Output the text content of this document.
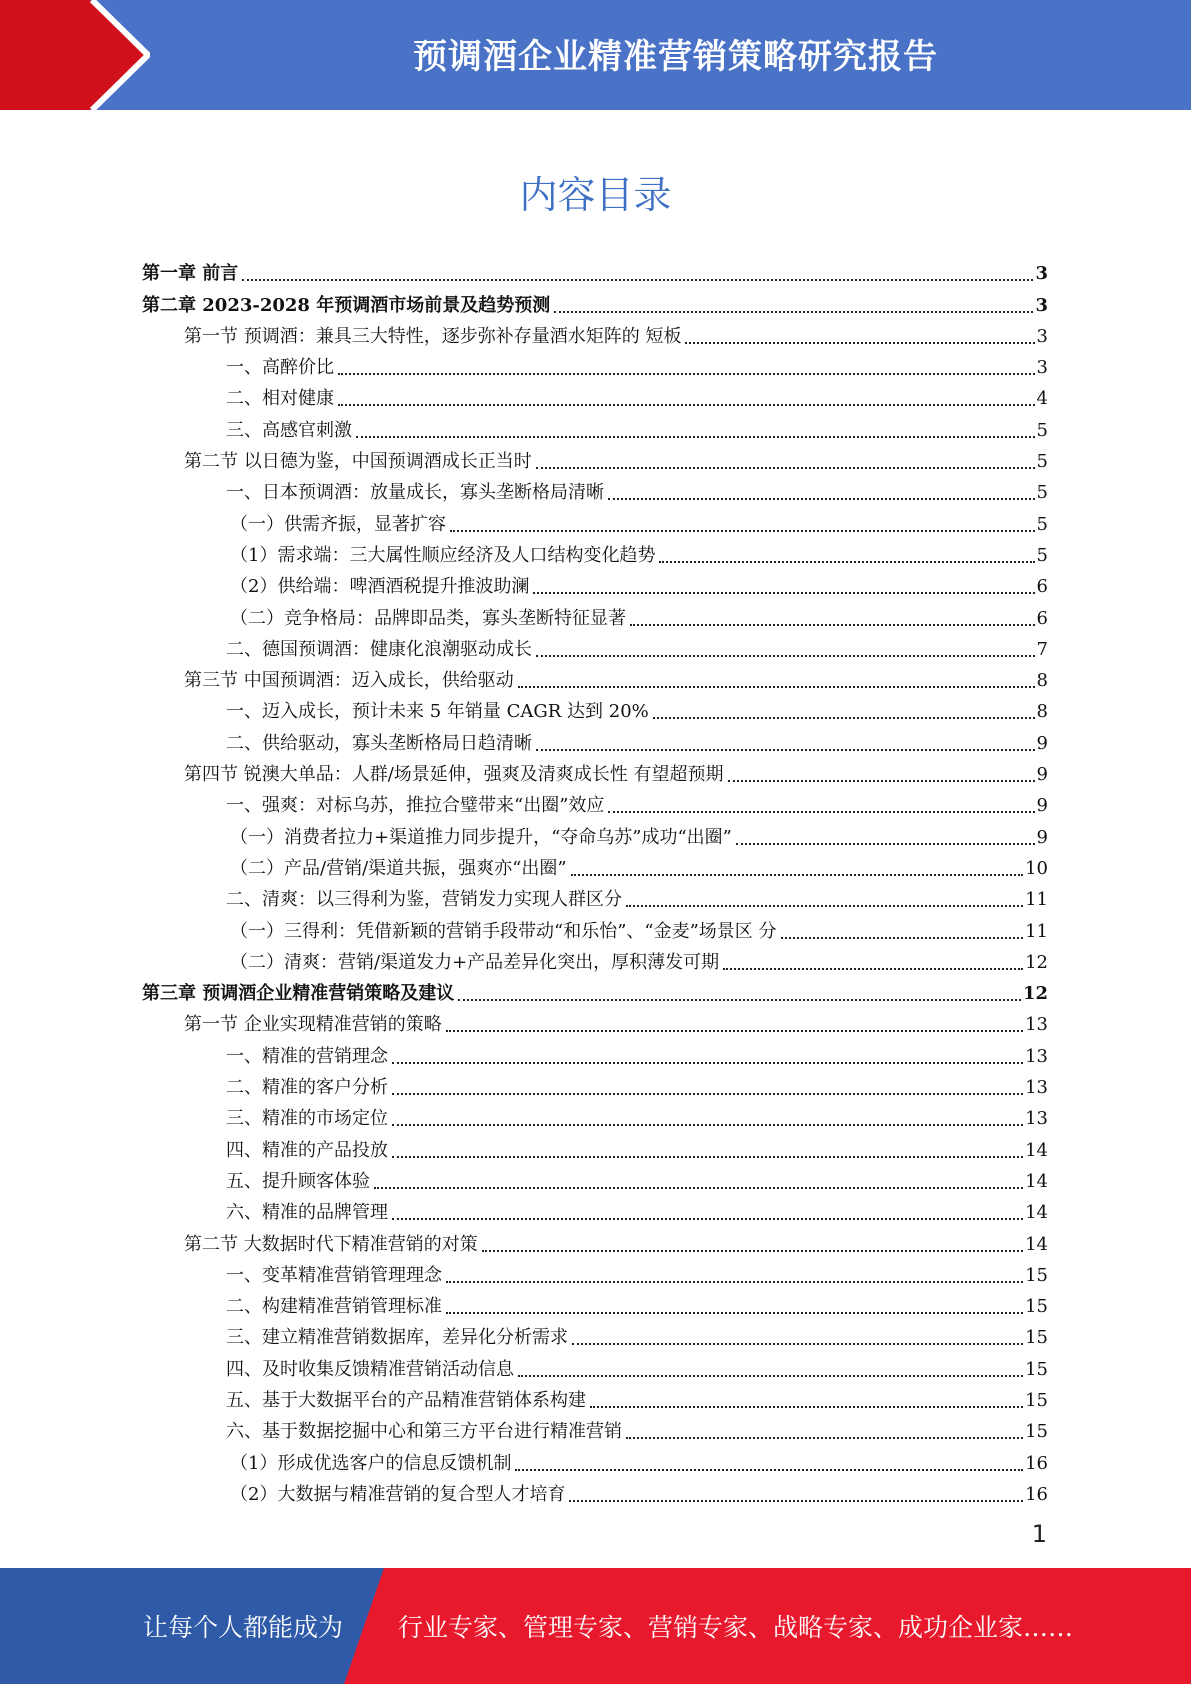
预调酒企业精准营销策略研究报告
内容目录
第一章 前言	3
第二章 2023-2028 年预调酒市场前景及趋势预测	3
第一节 预调酒：兼具三大特性，逐步弥补存量酒水矩阵的 短板	3
一、高醉价比	3
二、相对健康	4
三、高感官刺激	5
第二节 以日德为鉴，中国预调酒成长正当时	5
一、日本预调酒：放量成长，寡头垄断格局清晰	5
（一）供需齐振，显著扩容	5
（1）需求端：三大属性顺应经济及人口结构变化趋势	5
（2）供给端：啤酒酒税提升推波助澜	6
（二）竞争格局：品牌即品类，寡头垄断特征显著	6
二、德国预调酒：健康化浪潮驱动成长	7
第三节 中国预调酒：迈入成长，供给驱动	8
一、迈入成长，预计未来 5 年销量 CAGR 达到 20%	8
二、供给驱动，寡头垄断格局日趋清晰	9
第四节 锐澳大单品：人群/场景延伸，强爽及清爽成长性 有望超预期	9
一、强爽：对标乌苏，推拉合璧带来“出圈”效应	9
（一）消费者拉力+渠道推力同步提升，“夺命乌苏”成功“出圈”	9
（二）产品/营销/渠道共振，强爽亦“出圈”	10
二、清爽：以三得利为鉴，营销发力实现人群区分	11
（一）三得利：凭借新颖的营销手段带动“和乐怡”、“金麦”场景区 分	11
（二）清爽：营销/渠道发力+产品差异化突出，厚积薄发可期	12
第三章 预调酒企业精准营销策略及建议	12
第一节 企业实现精准营销的策略	13
一、精准的营销理念	13
二、精准的客户分析	13
三、精准的市场定位	13
四、精准的产品投放	14
五、提升顾客体验	14
六、精准的品牌管理	14
第二节 大数据时代下精准营销的对策	14
一、变革精准营销管理理念	15
二、构建精准营销管理标准	15
三、建立精准营销数据库，差异化分析需求	15
四、及时收集反馈精准营销活动信息	15
五、基于大数据平台的产品精准营销体系构建	15
六、基于数据挖掘中心和第三方平台进行精准营销	15
（1）形成优选客户的信息反馈机制	16
（2）大数据与精准营销的复合型人才培育	16
1
让每个人都能成为 行业专家、管理专家、营销专家、战略专家、成功企业家……
